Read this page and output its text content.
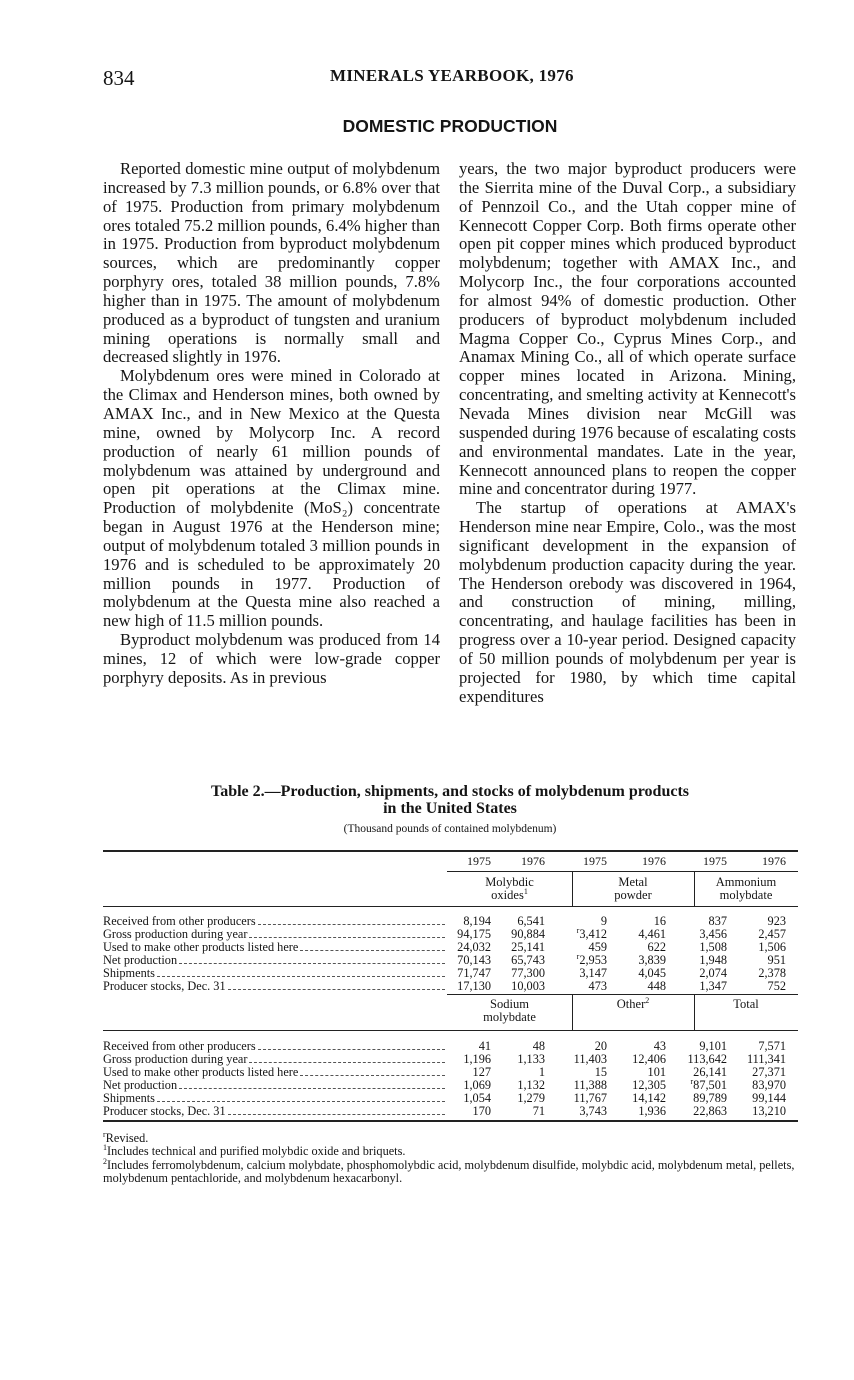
834	MINERALS YEARBOOK, 1976
DOMESTIC PRODUCTION

Reported domestic mine output of molybdenum increased by 7.3 million pounds, or 6.8% over that of 1975. Production from primary molybdenum ores totaled 75.2 million pounds, 6.4% higher than in 1975. Production from byproduct molybdenum sources, which are predominantly copper porphyry ores, totaled 38 million pounds, 7.8% higher than in 1975. The amount of molybdenum produced as a byproduct of tungsten and uranium mining operations is normally small and decreased slightly in 1976.

Molybdenum ores were mined in Colorado at the Climax and Henderson mines, both owned by AMAX Inc., and in New Mexico at the Questa mine, owned by Molycorp Inc. A record production of nearly 61 million pounds of molybdenum was attained by underground and open pit operations at the Climax mine. Production of molybdenite (MoS₂) concentrate began in August 1976 at the Henderson mine; output of molybdenum totaled 3 million pounds in 1976 and is scheduled to be approximately 20 million pounds in 1977. Production of molybdenum at the Questa mine also reached a new high of 11.5 million pounds.

Byproduct molybdenum was produced from 14 mines, 12 of which were low-grade copper porphyry deposits. As in previous

years, the two major byproduct producers were the Sierrita mine of the Duval Corp., a subsidiary of Pennzoil Co., and the Utah copper mine of Kennecott Copper Corp. Both firms operate other open pit copper mines which produced byproduct molybdenum; together with AMAX Inc., and Molycorp Inc., the four corporations accounted for almost 94% of domestic production. Other producers of byproduct molybdenum included Magma Copper Co., Cyprus Mines Corp., and Anamax Mining Co., all of which operate surface copper mines located in Arizona. Mining, concentrating, and smelting activity at Kennecott's Nevada Mines division near McGill was suspended during 1976 because of escalating costs and environmental mandates. Late in the year, Kennecott announced plans to reopen the copper mine and concentrator during 1977.

The startup of operations at AMAX's Henderson mine near Empire, Colo., was the most significant development in the expansion of molybdenum production capacity during the year. The Henderson orebody was discovered in 1964, and construction of mining, milling, concentrating, and haulage facilities has been in progress over a 10-year period. Designed capacity of 50 million pounds of molybdenum per year is projected for 1980, by which time capital expenditures

Table 2.—Production, shipments, and stocks of molybdenum products
in the United States
(Thousand pounds of contained molybdenum)
1975	1976	1975	1976	1975	1976
Molybdic
oxides$^1$
Metal
powder
Ammonium
molybdate
Received from other producers	8,194	6,541	9	16	837	923
Gross production during year	94,175	90,884	$^r$3,412	4,461	3,456	2,457
Used to make other products listed here	24,032	25,141	459	622	1,508	1,506
Net production	70,143	65,743	$^r$2,953	3,839	1,948	951
Shipments	71,747	77,300	3,147	4,045	2,074	2,378
Producer stocks, Dec. 31	17,130	10,003	473	448	1,347	752
Sodium
molybdate
Other$^2$	Total
Received from other producers	41	48	20	43	9,101	7,571
Gross production during year	1,196	1,133	11,403	12,406	113,642	111,341
Used to make other products listed here	127	1	15	101	26,141	27,371
Net production	1,069	1,132	11,388	12,305	$^r$87,501	83,970
Shipments	1,054	1,279	11,767	14,142	89,789	99,144
Producer stocks, Dec. 31	170	71	3,743	1,936	22,863	13,210
$^r$Revised.
$^1$Includes technical and purified molybdic oxide and briquets.
$^2$Includes ferromolybdenum, calcium molybdate, phosphomolybdic acid, molybdenum disulfide, molybdic acid, molybdenum metal, pellets, molybdenum pentachloride, and molybdenum hexacarbonyl.
